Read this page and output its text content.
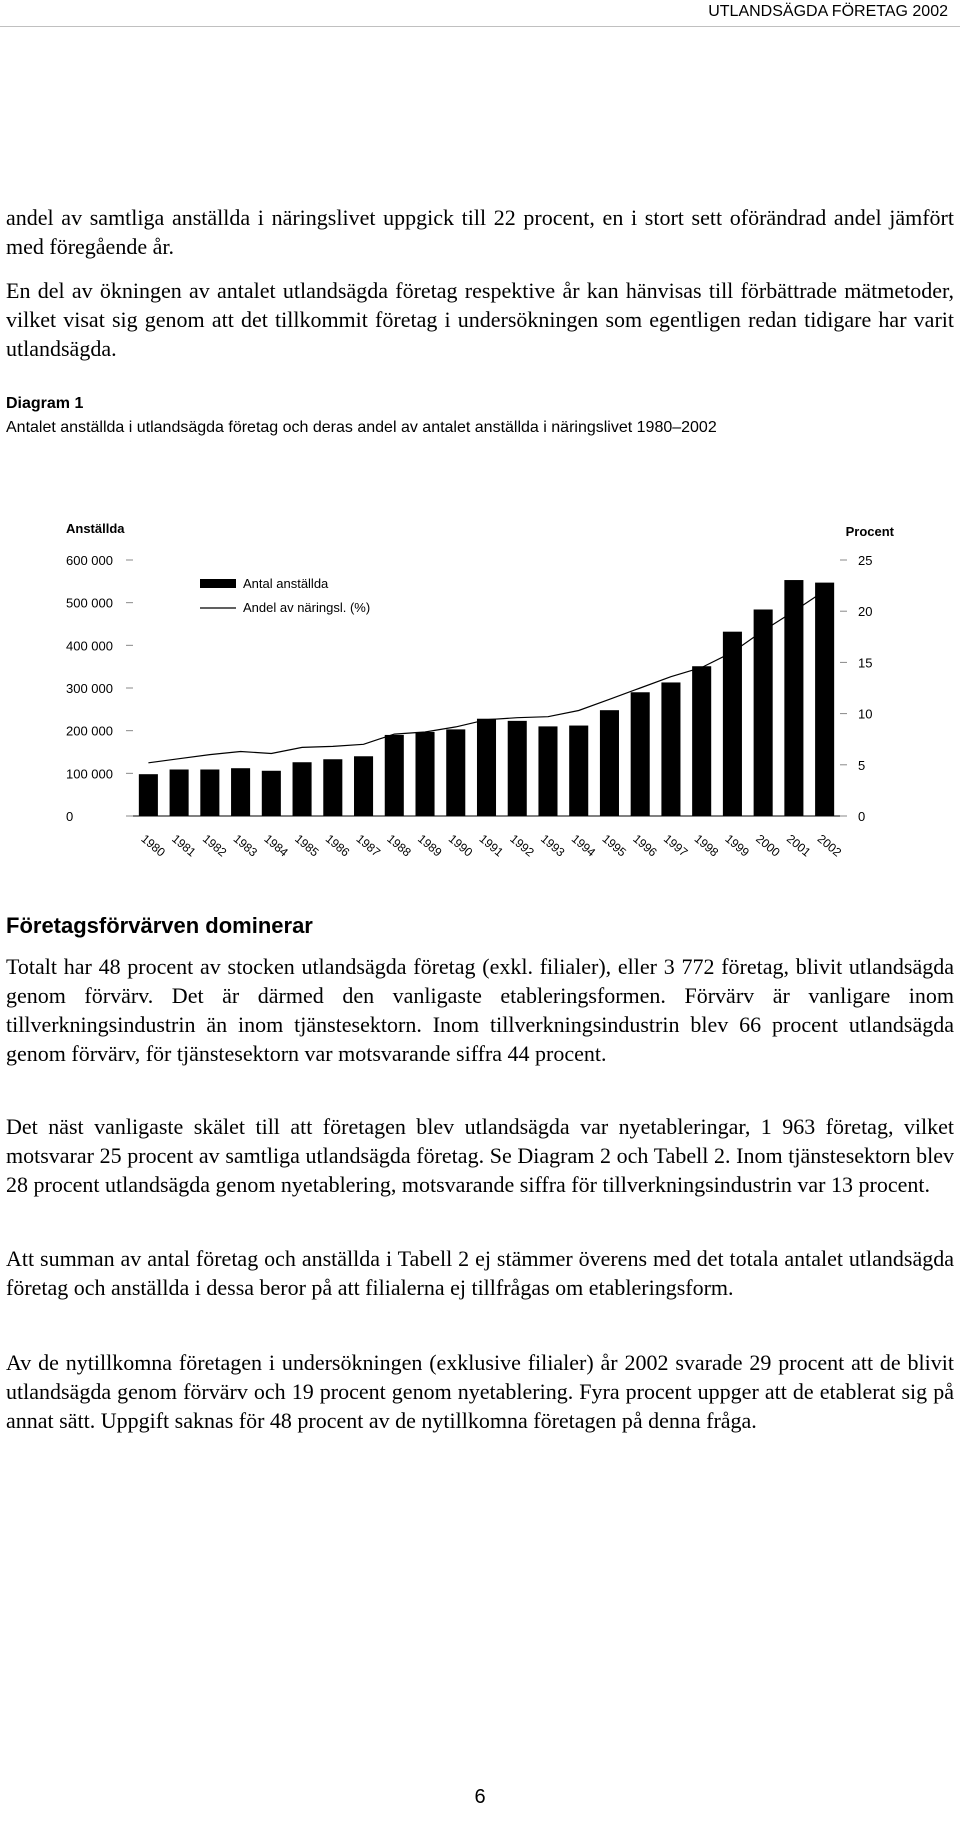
UTLANDSÄGDA FÖRETAG 2002
andel av samtliga anställda i näringslivet uppgick till 22 procent, en i stort sett oförändrad andel jämfört med föregående år.
En del av ökningen av antalet utlandsägda företag respektive år kan hänvisas till förbättrade mätmetoder, vilket visat sig genom att det tillkommit företag i undersökningen som egentligen redan tidigare har varit utlandsägda.
Diagram 1
Antalet anställda i utlandsägda företag och deras andel av antalet anställda i näringslivet 1980–2002
Anställda	Procent
0
100 000
200 000
300 000
400 000
500 000
600 000
0
5
10
15
20
25
1980 1981 1982 1983 1984 1985 1986 1987 1988 1989 1990 1991 1992 1993 1994 1995 1996 1997 1998 1999 2000 2001 2002
Antal anställda
Andel av näringsl. (%)
Företagsförvärven dominerar
Totalt har 48 procent av stocken utlandsägda företag (exkl. filialer), eller 3 772 företag, blivit utlandsägda genom förvärv. Det är därmed den vanligaste etableringsformen. Förvärv är vanligare inom tillverkningsindustrin än inom tjänstesektorn. Inom tillverkningsindustrin blev 66 procent utlandsägda genom förvärv, för tjänstesektorn var motsvarande siffra 44 procent.
Det näst vanligaste skälet till att företagen blev utlandsägda var nyetableringar, 1 963 företag, vilket motsvarar 25 procent av samtliga utlandsägda företag. Se Diagram 2 och Tabell 2. Inom tjänstesektorn blev 28 procent utlandsägda genom nyetablering, motsvarande siffra för tillverkningsindustrin var 13 procent.
Att summan av antal företag och anställda i Tabell 2 ej stämmer överens med det totala antalet utlandsägda företag och anställda i dessa beror på att filialerna ej tillfrågas om etableringsform.
Av de nytillkomna företagen i undersökningen (exklusive filialer) år 2002 svarade 29 procent att de blivit utlandsägda genom förvärv och 19 procent genom nyetablering. Fyra procent uppger att de etablerat sig på annat sätt. Uppgift saknas för 48 procent av de nytillkomna företagen på denna fråga.
6
